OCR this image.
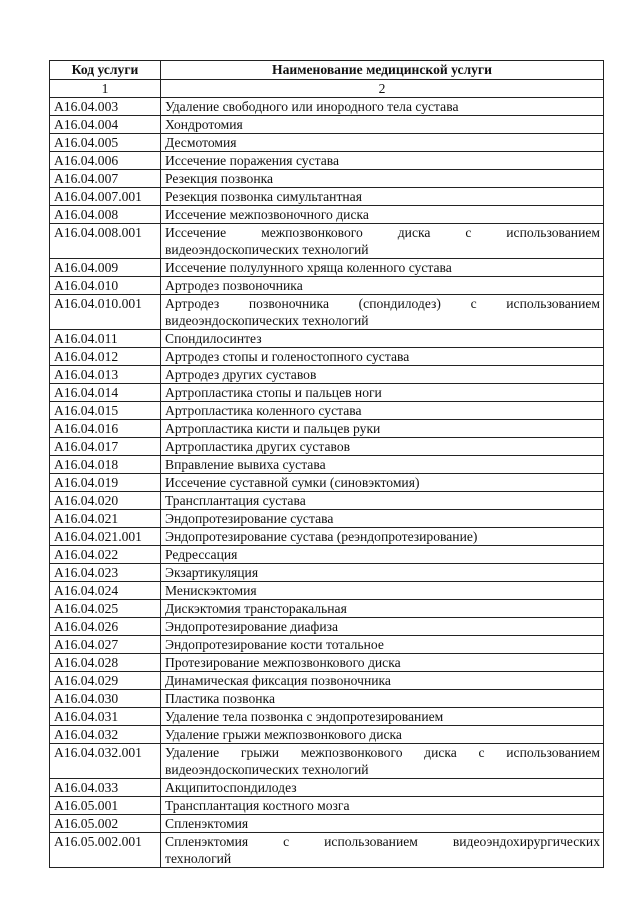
Код услуги	Наименование медицинской услуги
1	2
A16.04.003	Удаление свободного или инородного тела сустава
A16.04.004	Хондротомия
A16.04.005	Десмотомия
A16.04.006	Иссечение поражения сустава
A16.04.007	Резекция позвонка
A16.04.007.001	Резекция позвонка симультантная
A16.04.008	Иссечение межпозвоночного диска
A16.04.008.001	Иссечение межпозвонкового диска с использованием
видеоэндоскопических технологий

A16.04.009	Иссечение полулунного хряща коленного сустава
A16.04.010	Артродез позвоночника
A16.04.010.001	Артродез позвоночника (спондилодез) с использованием
видеоэндоскопических технологий

A16.04.011	Спондилосинтез
A16.04.012	Артродез стопы и голеностопного сустава
A16.04.013	Артродез других суставов
A16.04.014	Артропластика стопы и пальцев ноги
A16.04.015	Артропластика коленного сустава
A16.04.016	Артропластика кисти и пальцев руки
A16.04.017	Артропластика других суставов
A16.04.018	Вправление вывиха сустава
A16.04.019	Иссечение суставной сумки (синовэктомия)
A16.04.020	Трансплантация сустава
A16.04.021	Эндопротезирование сустава
A16.04.021.001	Эндопротезирование сустава (реэндопротезирование)
A16.04.022	Редрессация
A16.04.023	Экзартикуляция
A16.04.024	Менискэктомия
A16.04.025	Дискэктомия трансторакальная
A16.04.026	Эндопротезирование диафиза
A16.04.027	Эндопротезирование кости тотальное
A16.04.028	Протезирование межпозвонкового диска
A16.04.029	Динамическая фиксация позвоночника
A16.04.030	Пластика позвонка
A16.04.031	Удаление тела позвонка с эндопротезированием
A16.04.032	Удаление грыжи межпозвонкового диска
A16.04.032.001	Удаление грыжи межпозвонкового диска с использованием
видеоэндоскопических технологий

A16.04.033	Акципитоспондилодез
A16.05.001	Трансплантация костного мозга
A16.05.002	Спленэктомия
A16.05.002.001	Спленэктомия с использованием видеоэндохирургических
технологий
